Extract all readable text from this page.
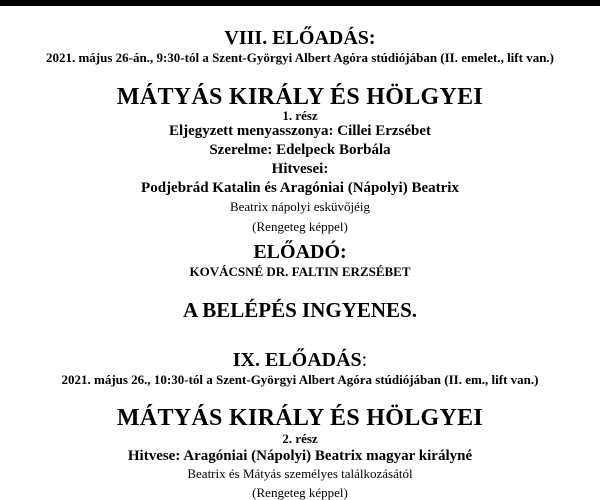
VIII. ELŐADÁS:
2021. május 26-án., 9:30-tól a Szent-Györgyi Albert Agóra stúdiójában (II. emelet., lift van.)
MÁTYÁS KIRÁLY ÉS HÖLGYEI
1. rész
Eljegyzett menyasszonya: Cillei Erzsébet
Szerelme: Edelpeck Borbála
Hitvesei:
Podjebrád Katalin és Aragóniai (Nápolyi) Beatrix
Beatrix nápolyi esküvőjéig
(Rengeteg képpel)
ELŐADÓ:
KOVÁCSNÉ DR. FALTIN ERZSÉBET
A BELÉPÉS INGYENES.
IX. ELŐADÁS:
2021. május 26., 10:30-tól a Szent-Györgyi Albert Agóra stúdiójában (II. em., lift van.)
MÁTYÁS KIRÁLY ÉS HÖLGYEI
2. rész
Hitvese: Aragóniai (Nápolyi) Beatrix magyar királyné
Beatrix és Mátyás személyes találkozásától
(Rengeteg képpel)
